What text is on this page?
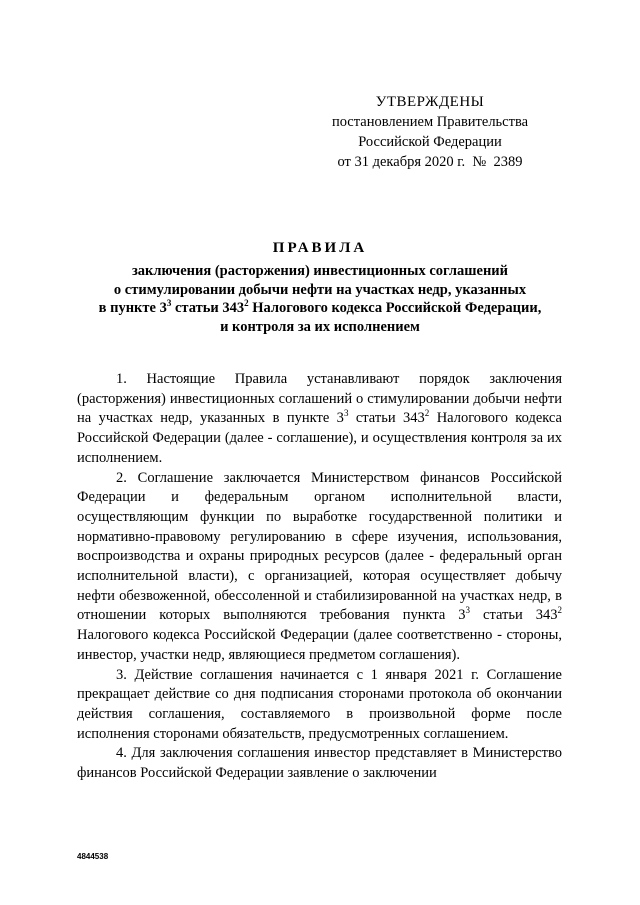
УТВЕРЖДЕНЫ
постановлением Правительства
Российской Федерации
от 31 декабря 2020 г.  №  2389
ПРАВИЛА
заключения (расторжения) инвестиционных соглашений
о стимулировании добычи нефти на участках недр, указанных
в пункте $3^3$ статьи $343^2$ Налогового кодекса Российской Федерации,
и контроля за их исполнением

1. Настоящие Правила устанавливают порядок заключения (расторжения) инвестиционных соглашений о стимулировании добычи нефти на участках недр, указанных в пункте $3^3$ статьи $343^2$ Налогового кодекса Российской Федерации (далее - соглашение), и осуществления контроля за их исполнением.

2. Соглашение заключается Министерством финансов Российской Федерации и федеральным органом исполнительной власти, осуществляющим функции по выработке государственной политики и нормативно-правовому регулированию в сфере изучения, использования, воспроизводства и охраны природных ресурсов (далее - федеральный орган исполнительной власти), с организацией, которая осуществляет добычу нефти обезвоженной, обессоленной и стабилизированной на участках недр, в отношении которых выполняются требования пункта $3^3$ статьи $343^2$ Налогового кодекса Российской Федерации (далее соответственно - стороны, инвестор, участки недр, являющиеся предметом соглашения).

3. Действие соглашения начинается с 1 января 2021 г. Соглашение прекращает действие со дня подписания сторонами протокола об окончании действия соглашения, составляемого в произвольной форме после исполнения сторонами обязательств, предусмотренных соглашением.

4. Для заключения соглашения инвестор представляет в Министерство финансов Российской Федерации заявление о заключении

4844538
